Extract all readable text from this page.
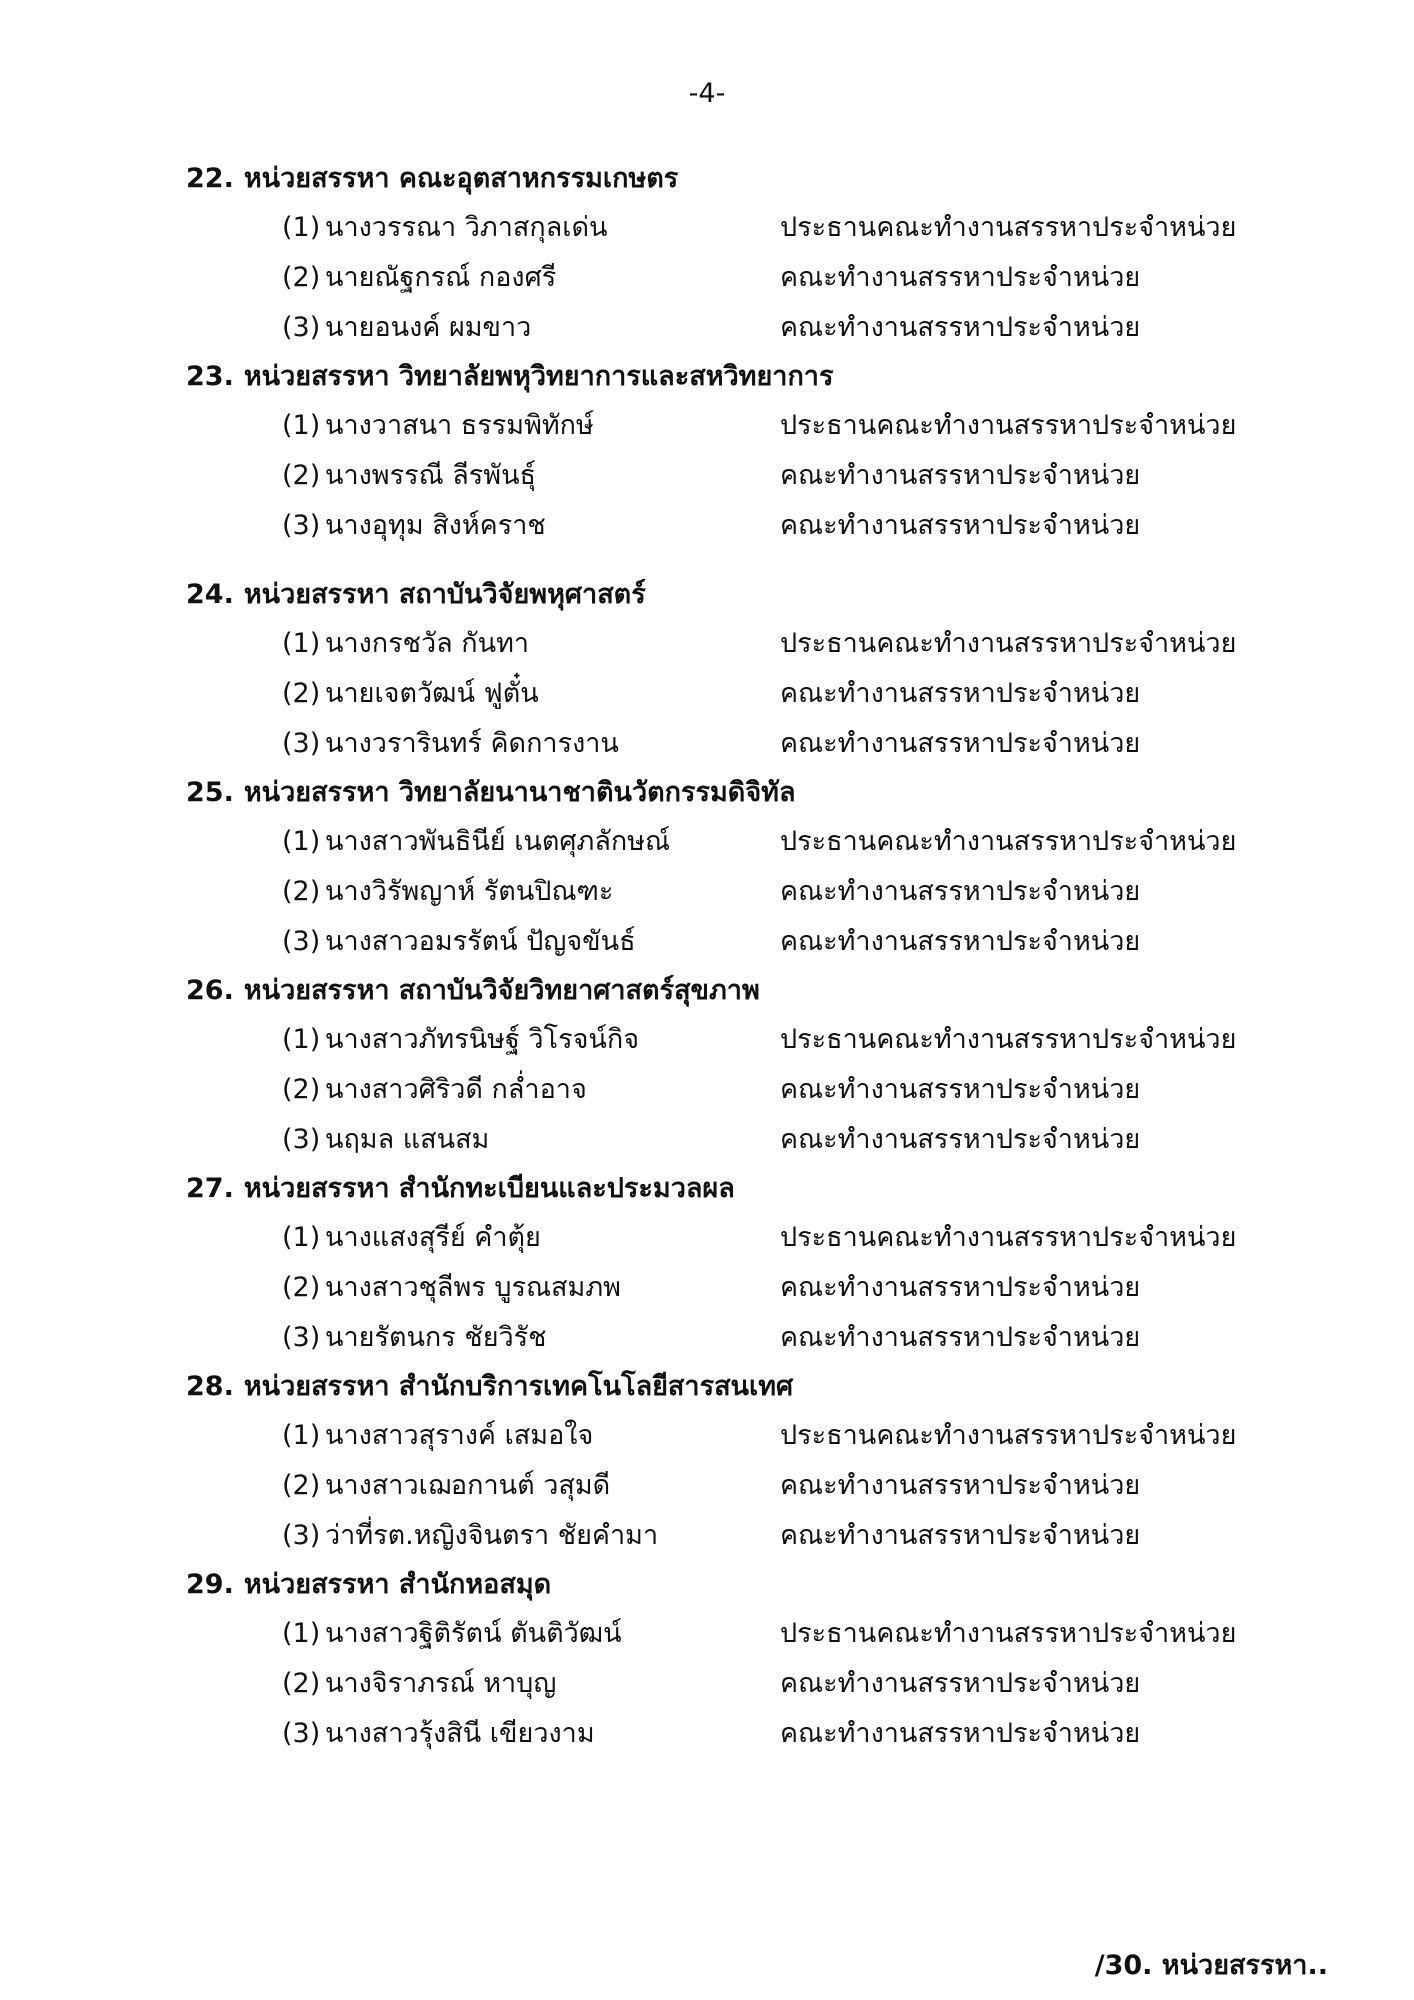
-4-
22. หน่วยสรรหา คณะอุตสาหกรรมเกษตร
(1) นางวรรณา วิภาสกุลเด่น	ประธานคณะทำงานสรรหาประจำหน่วย
(2) นายณัฐกรณ์ กองศรี	คณะทำงานสรรหาประจำหน่วย
(3) นายอนงค์ ผมขาว	คณะทำงานสรรหาประจำหน่วย
23. หน่วยสรรหา วิทยาลัยพหุวิทยาการและสหวิทยาการ
(1) นางวาสนา ธรรมพิทักษ์	ประธานคณะทำงานสรรหาประจำหน่วย
(2) นางพรรณี ลีรพันธุ์	คณะทำงานสรรหาประจำหน่วย
(3) นางอุทุม สิงห์คราช	คณะทำงานสรรหาประจำหน่วย
24. หน่วยสรรหา สถาบันวิจัยพหุศาสตร์
(1) นางกรชวัล กันทา	ประธานคณะทำงานสรรหาประจำหน่วย
(2) นายเจตวัฒน์ ฟูตั๋น	คณะทำงานสรรหาประจำหน่วย
(3) นางวรารินทร์ คิดการงาน	คณะทำงานสรรหาประจำหน่วย
25. หน่วยสรรหา วิทยาลัยนานาชาตินวัตกรรมดิจิทัล
(1) นางสาวพันธินีย์ เนตศุภลักษณ์	ประธานคณะทำงานสรรหาประจำหน่วย
(2) นางวิรัพญาห์ รัตนปิณฑะ	คณะทำงานสรรหาประจำหน่วย
(3) นางสาวอมรรัตน์ ปัญจขันธ์	คณะทำงานสรรหาประจำหน่วย
26. หน่วยสรรหา สถาบันวิจัยวิทยาศาสตร์สุขภาพ
(1) นางสาวภัทรนิษฐ์ วิโรจน์กิจ	ประธานคณะทำงานสรรหาประจำหน่วย
(2) นางสาวศิริวดี กล่ำอาจ	คณะทำงานสรรหาประจำหน่วย
(3) นฤมล แสนสม	คณะทำงานสรรหาประจำหน่วย
27. หน่วยสรรหา สำนักทะเบียนและประมวลผล
(1) นางแสงสุรีย์ คำตุ้ย	ประธานคณะทำงานสรรหาประจำหน่วย
(2) นางสาวชุลีพร บูรณสมภพ	คณะทำงานสรรหาประจำหน่วย
(3) นายรัตนกร ชัยวิรัช	คณะทำงานสรรหาประจำหน่วย
28. หน่วยสรรหา สำนักบริการเทคโนโลยีสารสนเทศ
(1) นางสาวสุรางค์ เสมอใจ	ประธานคณะทำงานสรรหาประจำหน่วย
(2) นางสาวเฌอกานต์ วสุมดี	คณะทำงานสรรหาประจำหน่วย
(3) ว่าที่รต.หญิงจินตรา ชัยคำมา	คณะทำงานสรรหาประจำหน่วย
29. หน่วยสรรหา สำนักหอสมุด
(1) นางสาวฐิติรัตน์ ตันติวัฒน์	ประธานคณะทำงานสรรหาประจำหน่วย
(2) นางจิราภรณ์ หาบุญ	คณะทำงานสรรหาประจำหน่วย
(3) นางสาวรุ้งสินี เขียวงาม	คณะทำงานสรรหาประจำหน่วย
/30. หน่วยสรรหา..
